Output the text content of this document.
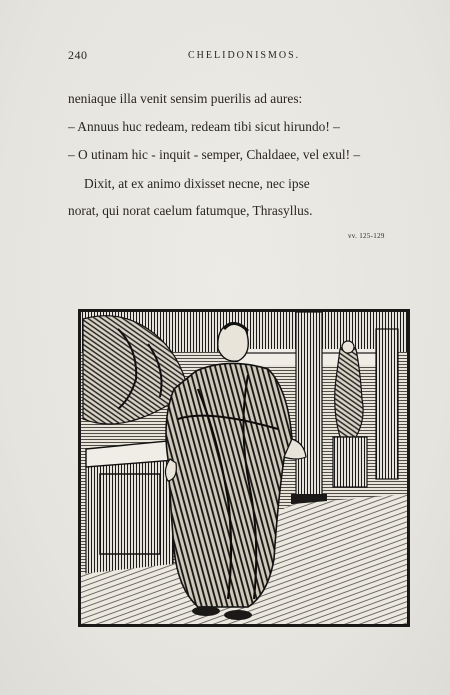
240	CHELIDONISMOS.
neniaque illa venit sensim puerilis ad aures:
– Annuus huc redeam, redeam tibi sicut hirundo! –
– O utinam hic - inquit - semper, Chaldaee, vel exul! –
Dixit, at ex animo dixisset necne, nec ipse
norat, qui norat caelum fatumque, Thrasyllus.
vv. 125-129
